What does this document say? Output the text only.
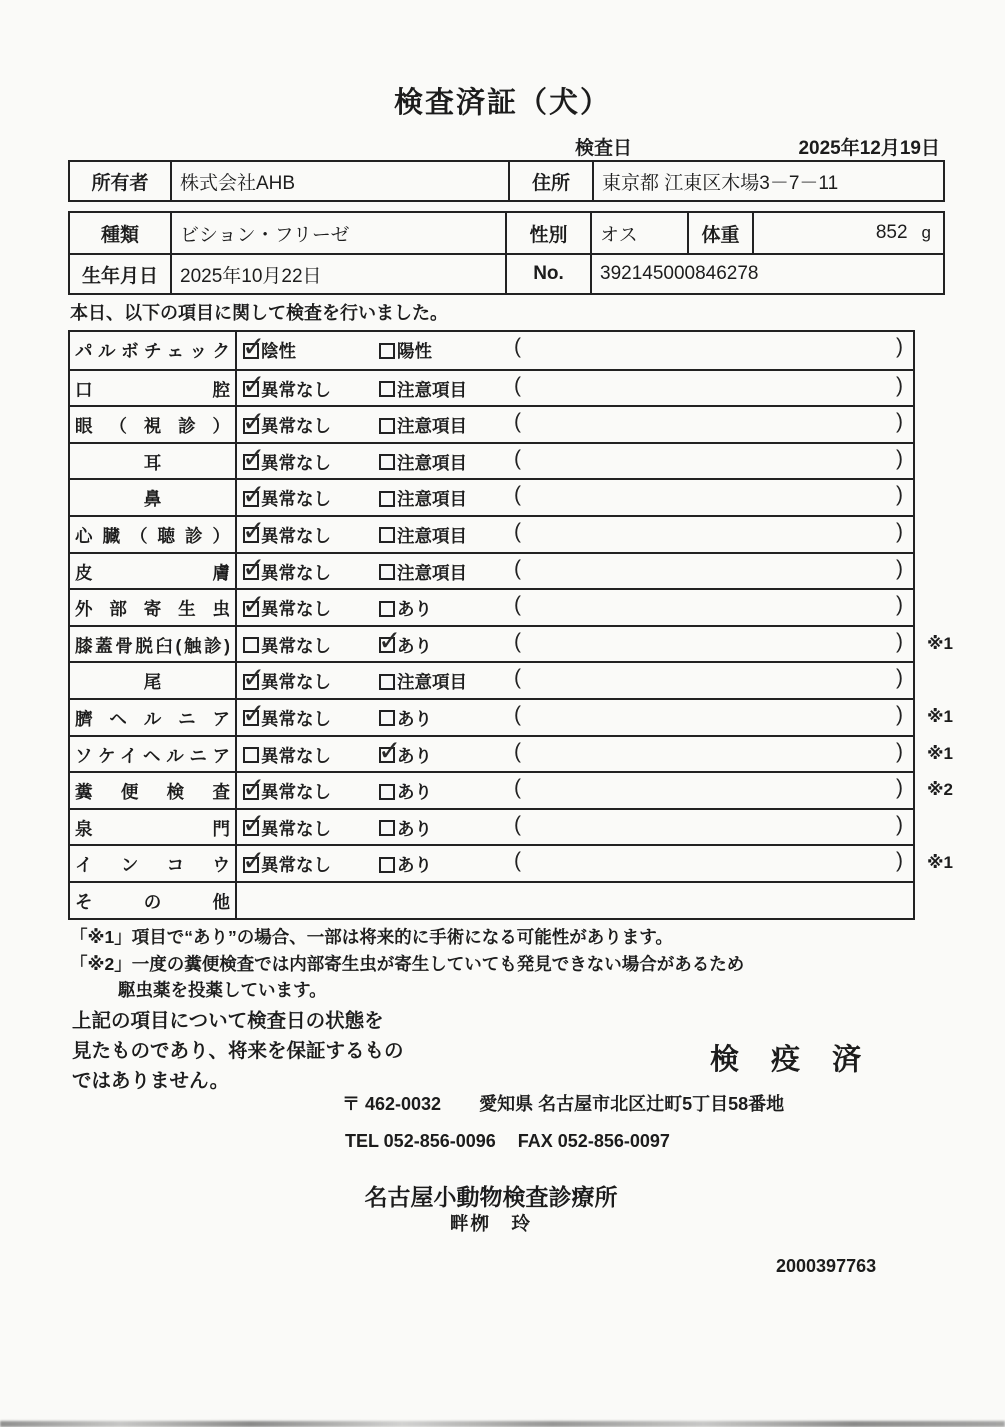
検査済証（犬）
検査日	2025年12月19日
所有者	株式会社AHB	住所	東京都 江東区木場3－7－11
種類	ビション・フリーゼ	性別	オス	体重	852 g
生年月日	2025年10月22日	No.	392145000846278
本日、以下の項目に関して検査を行いました。
パルボチェック ✓	陰性	陽性	(	)
口腔 ✓	異常なし	注意項目 (	)
眼（視診） ✓	異常なし	注意項目 (	)
耳 ✓	異常なし	注意項目 (	)
鼻 ✓	異常なし	注意項目 (	)
心臓（聴診） ✓	異常なし	注意項目 (	)
皮膚 ✓	異常なし	注意項目 (	)
外部寄生虫 ✓	異常なし	あり	(	)
膝蓋骨脱臼(触診)	異常なし ✓	あり	(	) ※1
尾 ✓	異常なし	注意項目 (	)
臍ヘルニア ✓	異常なし	あり	(	) ※1
ソケイヘルニア	異常なし ✓	あり	(	) ※1
糞便検査 ✓	異常なし	あり	(	) ※2
泉門 ✓	異常なし	あり	(	)
インコウ ✓	異常なし	あり	(	) ※1
その他
「※1」項目で“あり”の場合、一部は将来的に手術になる可能性があります。
「※2」一度の糞便検査では内部寄生虫が寄生していても発見できない場合があるため
駆虫薬を投薬しています。
上記の項目について検査日の状態を
見たものであり、将来を保証するもの
ではありません。
検 疫 済
〒 462-0032 愛知県 名古屋市北区辻町5丁目58番地
TEL 052-856-0096 FAX 052-856-0097
名古屋小動物検査診療所
畔栁　玲
2000397763
